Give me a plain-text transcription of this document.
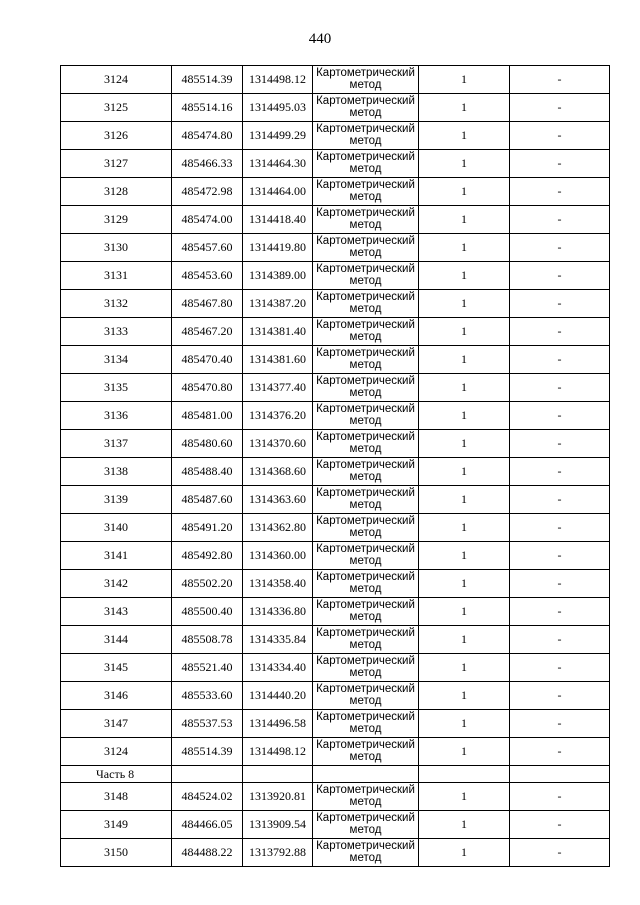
440
3124	485514.39	1314498.12	Картометрический метод	1	-
3125	485514.16	1314495.03	Картометрический метод	1	-
3126	485474.80	1314499.29	Картометрический метод	1	-
3127	485466.33	1314464.30	Картометрический метод	1	-
3128	485472.98	1314464.00	Картометрический метод	1	-
3129	485474.00	1314418.40	Картометрический метод	1	-
3130	485457.60	1314419.80	Картометрический метод	1	-
3131	485453.60	1314389.00	Картометрический метод	1	-
3132	485467.80	1314387.20	Картометрический метод	1	-
3133	485467.20	1314381.40	Картометрический метод	1	-
3134	485470.40	1314381.60	Картометрический метод	1	-
3135	485470.80	1314377.40	Картометрический метод	1	-
3136	485481.00	1314376.20	Картометрический метод	1	-
3137	485480.60	1314370.60	Картометрический метод	1	-
3138	485488.40	1314368.60	Картометрический метод	1	-
3139	485487.60	1314363.60	Картометрический метод	1	-
3140	485491.20	1314362.80	Картометрический метод	1	-
3141	485492.80	1314360.00	Картометрический метод	1	-
3142	485502.20	1314358.40	Картометрический метод	1	-
3143	485500.40	1314336.80	Картометрический метод	1	-
3144	485508.78	1314335.84	Картометрический метод	1	-
3145	485521.40	1314334.40	Картометрический метод	1	-
3146	485533.60	1314440.20	Картометрический метод	1	-
3147	485537.53	1314496.58	Картометрический метод	1	-
3124	485514.39	1314498.12	Картометрический метод	1	-
Часть 8					
3148	484524.02	1313920.81	Картометрический метод	1	-
3149	484466.05	1313909.54	Картометрический метод	1	-
3150	484488.22	1313792.88	Картометрический метод	1	-
